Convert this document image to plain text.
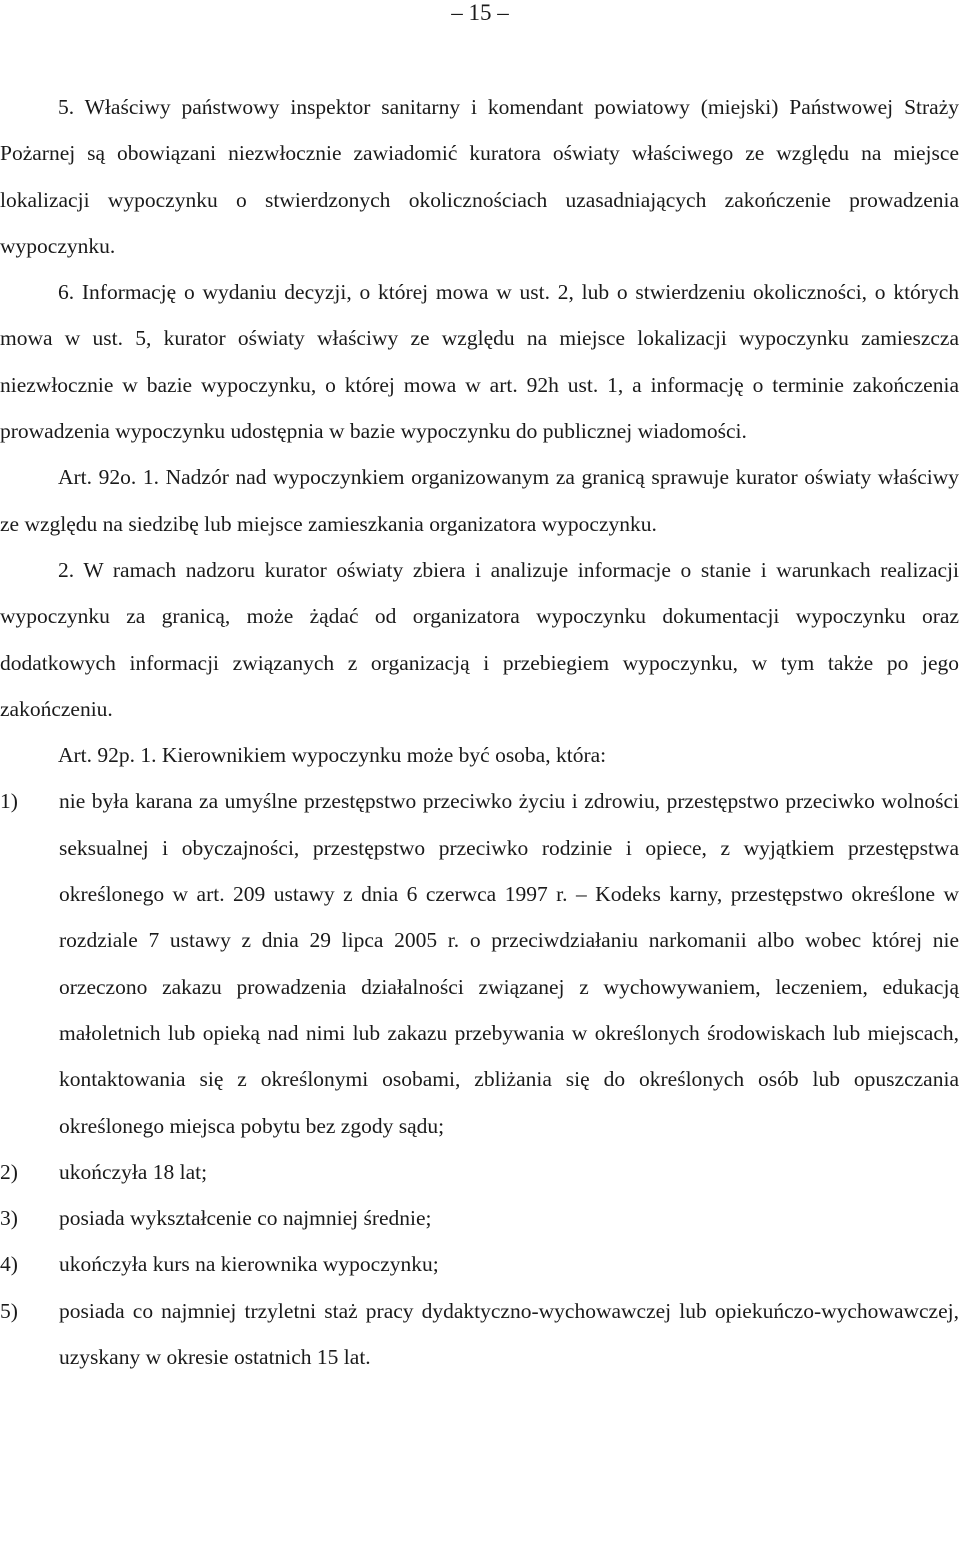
– 15 –

5. Właściwy państwowy inspektor sanitarny i komendant powiatowy (miejski) Państwowej Straży Pożarnej są obowiązani niezwłocznie zawiadomić kuratora oświaty właściwego ze względu na miejsce lokalizacji wypoczynku o stwierdzonych okolicznościach uzasadniających zakończenie prowadzenia wypoczynku.

6. Informację o wydaniu decyzji, o której mowa w ust. 2, lub o stwierdzeniu okoliczności, o których mowa w ust. 5, kurator oświaty właściwy ze względu na miejsce lokalizacji wypoczynku zamieszcza niezwłocznie w bazie wypoczynku, o której mowa w art. 92h ust. 1, a informację o terminie zakończenia prowadzenia wypoczynku udostępnia w bazie wypoczynku do publicznej wiadomości.

Art. 92o. 1. Nadzór nad wypoczynkiem organizowanym za granicą sprawuje kurator oświaty właściwy ze względu na siedzibę lub miejsce zamieszkania organizatora wypoczynku.

2. W ramach nadzoru kurator oświaty zbiera i analizuje informacje o stanie i warunkach realizacji wypoczynku za granicą, może żądać od organizatora wypoczynku dokumentacji wypoczynku oraz dodatkowych informacji związanych z organizacją i przebiegiem wypoczynku, w tym także po jego zakończeniu.

Art. 92p. 1. Kierownikiem wypoczynku może być osoba, która:

1) nie była karana za umyślne przestępstwo przeciwko życiu i zdrowiu, przestępstwo przeciwko wolności seksualnej i obyczajności, przestępstwo przeciwko rodzinie i opiece, z wyjątkiem przestępstwa określonego w art. 209 ustawy z dnia 6 czerwca 1997 r. – Kodeks karny, przestępstwo określone w rozdziale 7 ustawy z dnia 29 lipca 2005 r. o przeciwdziałaniu narkomanii albo wobec której nie orzeczono zakazu prowadzenia działalności związanej z wychowywaniem, leczeniem, edukacją małoletnich lub opieką nad nimi lub zakazu przebywania w określonych środowiskach lub miejscach, kontaktowania się z określonymi osobami, zbliżania się do określonych osób lub opuszczania określonego miejsca pobytu bez zgody sądu;
2) ukończyła 18 lat;
3) posiada wykształcenie co najmniej średnie;
4) ukończyła kurs na kierownika wypoczynku;
5) posiada co najmniej trzyletni staż pracy dydaktyczno-wychowawczej lub opiekuńczo-wychowawczej, uzyskany w okresie ostatnich 15 lat.
